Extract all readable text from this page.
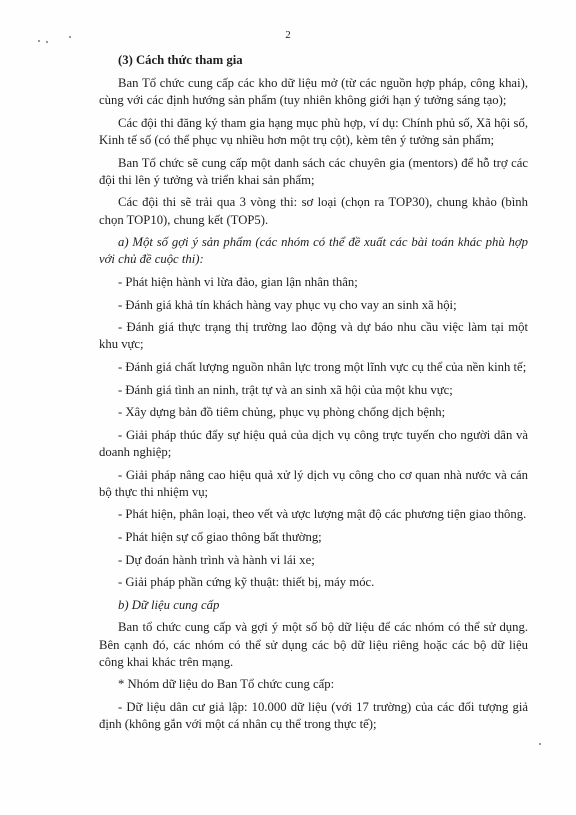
2

(3) Cách thức tham gia

Ban Tổ chức cung cấp các kho dữ liệu mở (từ các nguồn hợp pháp, công khai), cùng với các định hướng sản phẩm (tuy nhiên không giới hạn ý tưởng sáng tạo);

Các đội thi đăng ký tham gia hạng mục phù hợp, ví dụ: Chính phủ số, Xã hội số, Kinh tế số (có thể phục vụ nhiều hơn một trụ cột), kèm tên ý tưởng sản phẩm;

Ban Tổ chức sẽ cung cấp một danh sách các chuyên gia (mentors) để hỗ trợ các đội thi lên ý tưởng và triển khai sản phẩm;

Các đội thi sẽ trải qua 3 vòng thi: sơ loại (chọn ra TOP30), chung khảo (bình chọn TOP10), chung kết (TOP5).

a) Một số gợi ý sản phẩm (các nhóm có thể đề xuất các bài toán khác phù hợp với chủ đề cuộc thi):

- Phát hiện hành vi lừa đảo, gian lận nhân thân;

- Đánh giá khả tín khách hàng vay phục vụ cho vay an sinh xã hội;

- Đánh giá thực trạng thị trường lao động và dự báo nhu cầu việc làm tại một khu vực;

- Đánh giá chất lượng nguồn nhân lực trong một lĩnh vực cụ thể của nền kinh tế;

- Đánh giá tình an ninh, trật tự và an sinh xã hội của một khu vực;

- Xây dựng bản đồ tiêm chủng, phục vụ phòng chống dịch bệnh;

- Giải pháp thúc đẩy sự hiệu quả của dịch vụ công trực tuyến cho người dân và doanh nghiệp;

- Giải pháp nâng cao hiệu quả xử lý dịch vụ công cho cơ quan nhà nước và cán bộ thực thi nhiệm vụ;

- Phát hiện, phân loại, theo vết và ược lượng mật độ các phương tiện giao thông.

- Phát hiện sự cố giao thông bất thường;

- Dự đoán hành trình và hành vi lái xe;

- Giải pháp phần cứng kỹ thuật: thiết bị, máy móc.

b) Dữ liệu cung cấp

Ban tổ chức cung cấp và gợi ý một số bộ dữ liệu để các nhóm có thể sử dụng. Bên cạnh đó, các nhóm có thể sử dụng các bộ dữ liệu riêng hoặc các bộ dữ liệu công khai khác trên mạng.

* Nhóm dữ liệu do Ban Tổ chức cung cấp:

- Dữ liệu dân cư giả lập: 10.000 dữ liệu (với 17 trường) của các đối tượng giả định (không gắn với một cá nhân cụ thể trong thực tế);
